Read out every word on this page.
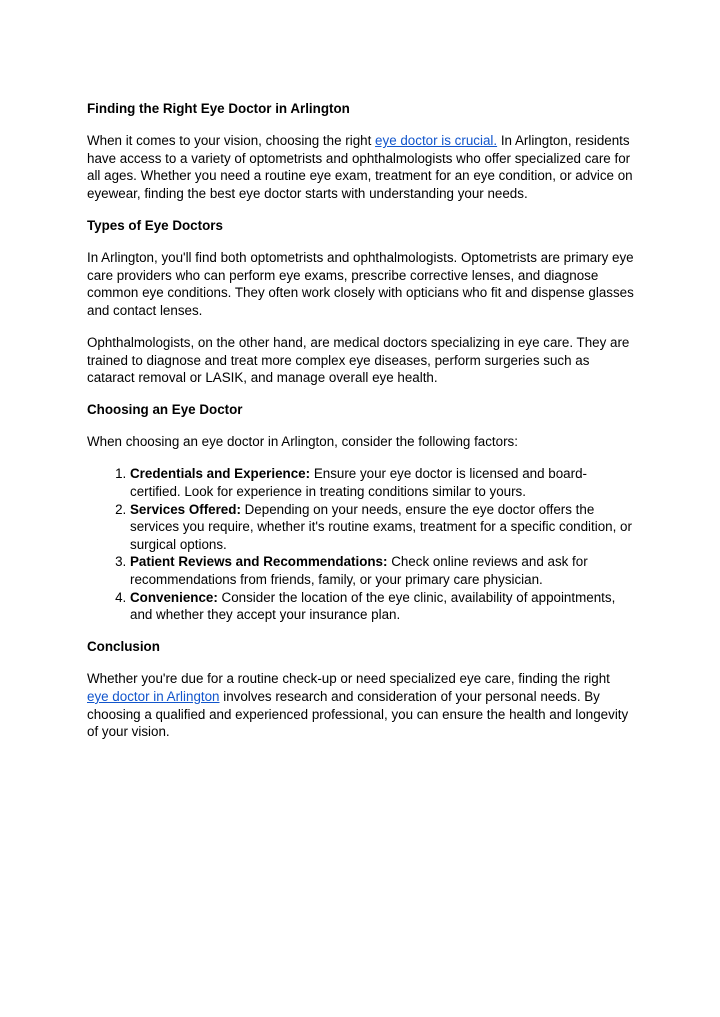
Finding the Right Eye Doctor in Arlington
When it comes to your vision, choosing the right eye doctor is crucial. In Arlington, residents have access to a variety of optometrists and ophthalmologists who offer specialized care for all ages. Whether you need a routine eye exam, treatment for an eye condition, or advice on eyewear, finding the best eye doctor starts with understanding your needs.
Types of Eye Doctors
In Arlington, you'll find both optometrists and ophthalmologists. Optometrists are primary eye care providers who can perform eye exams, prescribe corrective lenses, and diagnose common eye conditions. They often work closely with opticians who fit and dispense glasses and contact lenses.
Ophthalmologists, on the other hand, are medical doctors specializing in eye care. They are trained to diagnose and treat more complex eye diseases, perform surgeries such as cataract removal or LASIK, and manage overall eye health.
Choosing an Eye Doctor
When choosing an eye doctor in Arlington, consider the following factors:
1. Credentials and Experience: Ensure your eye doctor is licensed and board-certified. Look for experience in treating conditions similar to yours.
2. Services Offered: Depending on your needs, ensure the eye doctor offers the services you require, whether it's routine exams, treatment for a specific condition, or surgical options.
3. Patient Reviews and Recommendations: Check online reviews and ask for recommendations from friends, family, or your primary care physician.
4. Convenience: Consider the location of the eye clinic, availability of appointments, and whether they accept your insurance plan.
Conclusion
Whether you're due for a routine check-up or need specialized eye care, finding the right eye doctor in Arlington involves research and consideration of your personal needs. By choosing a qualified and experienced professional, you can ensure the health and longevity of your vision.
